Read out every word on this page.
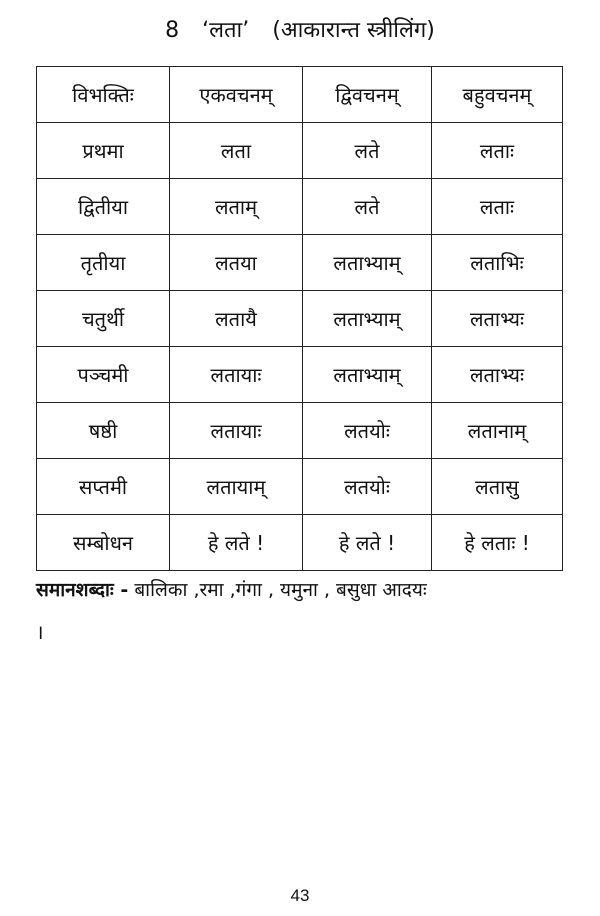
8 ‘लता’ (आकारान्त स्त्रीलिंग)
विभक्तिः	एकवचनम्	द्विवचनम्	बहुवचनम्
प्रथमा	लता	लते	लताः
द्वितीया	लताम्	लते	लताः
तृतीया	लतया	लताभ्याम्	लताभिः
चतुर्थी	लतायै	लताभ्याम्	लताभ्यः
पञ्चमी	लतायाः	लताभ्याम्	लताभ्यः
षष्ठी	लतायाः	लतयोः	लतानाम्
सप्तमी	लतायाम्	लतयोः	लतासु
सम्बोधन	हे लते !	हे लते !	हे लताः !
समानशब्दाः - बालिका ,रमा ,गंगा , यमुना , बसुधा आदयः
।
43
